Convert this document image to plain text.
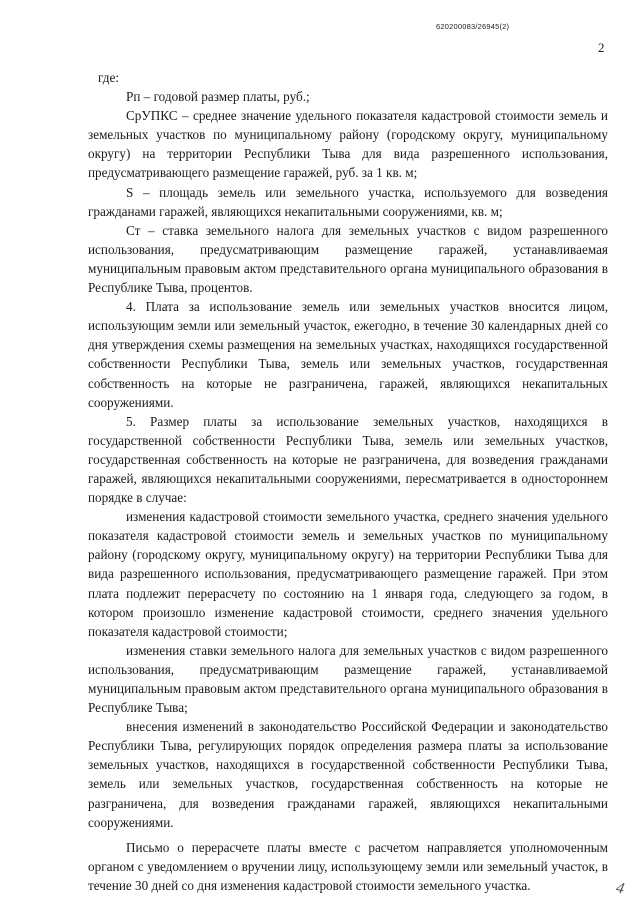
620200083/26945(2)
2

где:

Рп – годовой размер платы, руб.;

СрУПКС – среднее значение удельного показателя кадастровой стоимости земель и земельных участков по муниципальному району (городскому округу, муниципальному округу) на территории Республики Тыва для вида разрешенного использования, предусматривающего размещение гаражей, руб. за 1 кв. м;

S – площадь земель или земельного участка, используемого для возведения гражданами гаражей, являющихся некапитальными сооружениями, кв. м;

Ст – ставка земельного налога для земельных участков с видом разрешенного использования, предусматривающим размещение гаражей, устанавливаемая муниципальным правовым актом представительного органа муниципального образования в Республике Тыва, процентов.

4. Плата за использование земель или земельных участков вносится лицом, использующим земли или земельный участок, ежегодно, в течение 30 календарных дней со дня утверждения схемы размещения на земельных участках, находящихся государственной собственности Республики Тыва, земель или земельных участков, государственная собственность на которые не разграничена, гаражей, являющихся некапитальных сооружениями.

5. Размер платы за использование земельных участков, находящихся в государственной собственности Республики Тыва, земель или земельных участков, государственная собственность на которые не разграничена, для возведения гражданами гаражей, являющихся некапитальными сооружениями, пересматривается в одностороннем порядке в случае:

изменения кадастровой стоимости земельного участка, среднего значения удельного показателя кадастровой стоимости земель и земельных участков по муниципальному району (городскому округу, муниципальному округу) на территории Республики Тыва для вида разрешенного использования, предусматривающего размещение гаражей. При этом плата подлежит перерасчету по состоянию на 1 января года, следующего за годом, в котором произошло изменение кадастровой стоимости, среднего значения удельного показателя кадастровой стоимости;

изменения ставки земельного налога для земельных участков с видом разрешенного использования, предусматривающим размещение гаражей, устанавливаемой муниципальным правовым актом представительного органа муниципального образования в Республике Тыва;

внесения изменений в законодательство Российской Федерации и законодательство Республики Тыва, регулирующих порядок определения размера платы за использование земельных участков, находящихся в государственной собственности Республики Тыва, земель или земельных участков, государственная собственность на которые не разграничена, для возведения гражданами гаражей, являющихся некапитальными сооружениями.

Письмо о перерасчете платы вместе с расчетом направляется уполномоченным органом с уведомлением о вручении лицу, использующему земли или земельный участок, в течение 30 дней со дня изменения кадастровой стоимости земельного участка.	4
